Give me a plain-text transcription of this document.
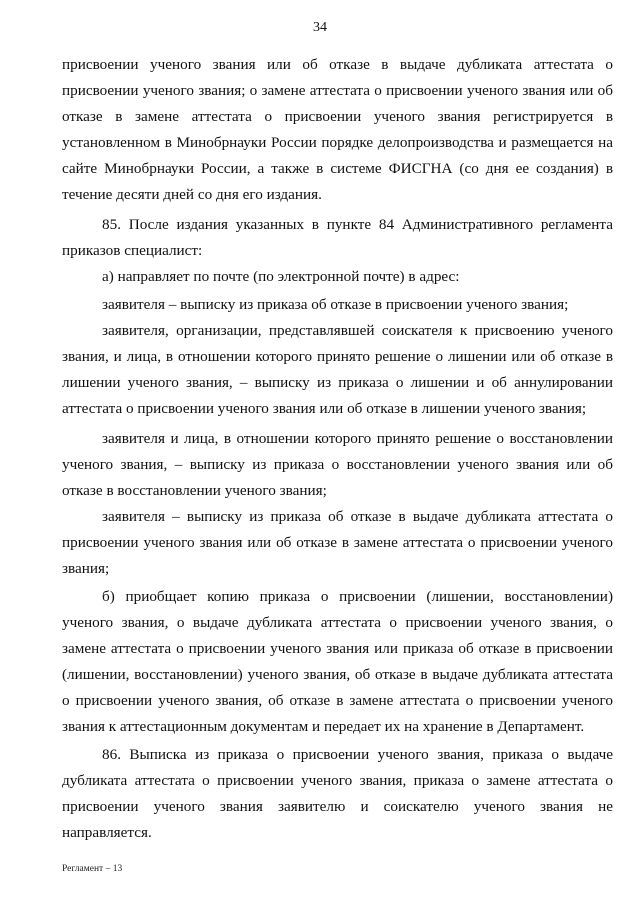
34
присвоении ученого звания или об отказе в выдаче дубликата аттестата о
присвоении ученого звания; о замене аттестата о присвоении ученого звания или об
отказе в замене аттестата о присвоении ученого звания регистрируется в
установленном в Минобрнауки России порядке делопроизводства и размещается на
сайте Минобрнауки России, а также в системе ФИСГНА (со дня ее создания) в
течение десяти дней со дня его издания.
85. После издания указанных в пункте 84 Административного регламента
приказов специалист:
а) направляет по почте (по электронной почте) в адрес:
заявителя – выписку из приказа об отказе в присвоении ученого звания;
заявителя, организации, представлявшей соискателя к присвоению ученого
звания, и лица, в отношении которого принято решение о лишении или об отказе в
лишении ученого звания, – выписку из приказа о лишении и об аннулировании
аттестата о присвоении ученого звания или об отказе в лишении ученого звания;
заявителя и лица, в отношении которого принято решение о восстановлении
ученого звания, – выписку из приказа о восстановлении ученого звания или об
отказе в восстановлении ученого звания;
заявителя – выписку из приказа об отказе в выдаче дубликата аттестата о
присвоении ученого звания или об отказе в замене аттестата о присвоении ученого
звания;
б) приобщает копию приказа о присвоении (лишении, восстановлении)
ученого звания, о выдаче дубликата аттестата о присвоении ученого звания, о
замене аттестата о присвоении ученого звания или приказа об отказе в присвоении
(лишении, восстановлении) ученого звания, об отказе в выдаче дубликата аттестата
о присвоении ученого звания, об отказе в замене аттестата о присвоении ученого
звания к аттестационным документам и передает их на хранение в Департамент.
86. Выписка из приказа о присвоении ученого звания, приказа о выдаче
дубликата аттестата о присвоении ученого звания, приказа о замене аттестата о
присвоении ученого звания заявителю и соискателю ученого звания не
направляется.
Регламент – 13
